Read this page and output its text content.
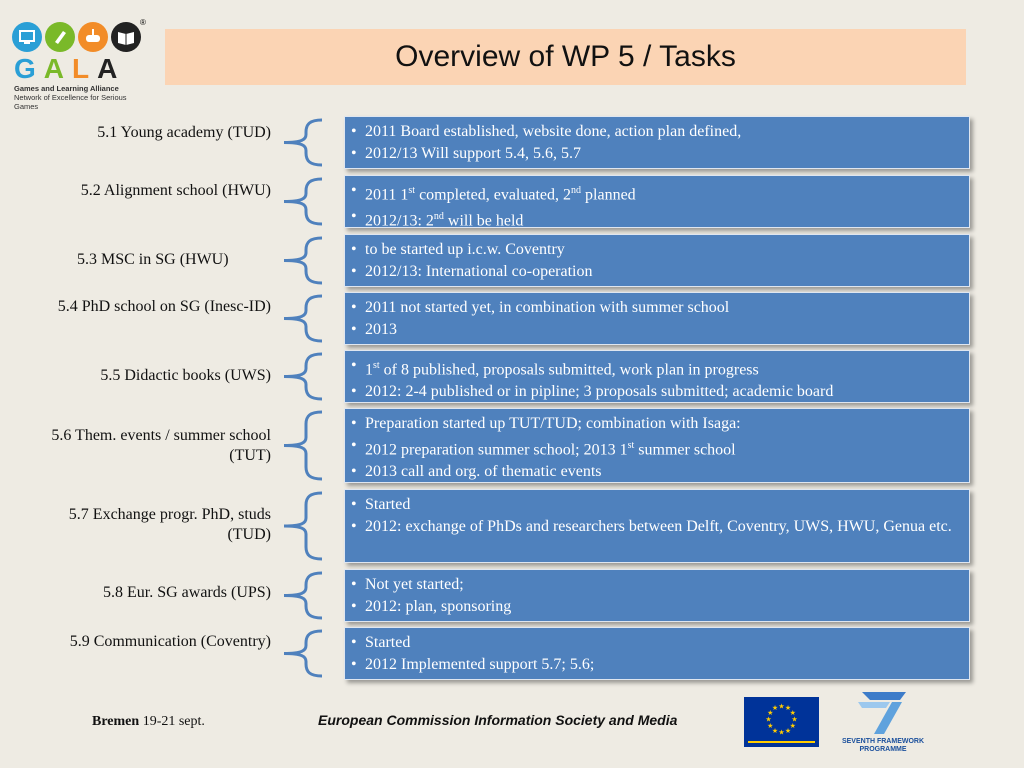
®
GALA
Games and Learning Alliance
Network of Excellence for Serious Games
Overview of WP 5 / Tasks
5.1 Young academy (TUD)	• 2011 Board established, website done, action plan defined,
• 2012/13 Will support 5.4, 5.6, 5.7
5.2 Alignment school (HWU)	• 2011 1st completed, evaluated, 2nd planned
• 2012/13: 2nd will be held
5.3 MSC in SG (HWU)
• to be started up i.c.w. Coventry
• 2012/13: International co-operation
5.4 PhD school on SG (Inesc-ID)	• 2011 not started yet, in combination with summer school
• 2013
5.5 Didactic books (UWS)	• 1st of 8 published, proposals submitted, work plan in progress
• 2012: 2-4 published or in pipline; 3 proposals submitted; academic board
5.6 Them. events / summer school (TUT)
• Preparation started up TUT/TUD; combination with Isaga:
• 2012 preparation summer school; 2013 1st summer school
• 2013 call and org. of thematic events
5.7 Exchange progr. PhD, studs (TUD)
• Started
• 2012: exchange of PhDs and researchers between Delft, Coventry, UWS, HWU, Genua etc.
5.8 Eur. SG awards (UPS)	• Not yet started;
• 2012: plan, sponsoring
5.9 Communication (Coventry)	• Started
• 2012 Implemented support 5.7; 5.6;
Bremen 19-21 sept.	European Commission Information Society and Media
★ ★
★
★
★
★
★
★
★
★
★
★
SEVENTH FRAMEWORK
PROGRAMME
